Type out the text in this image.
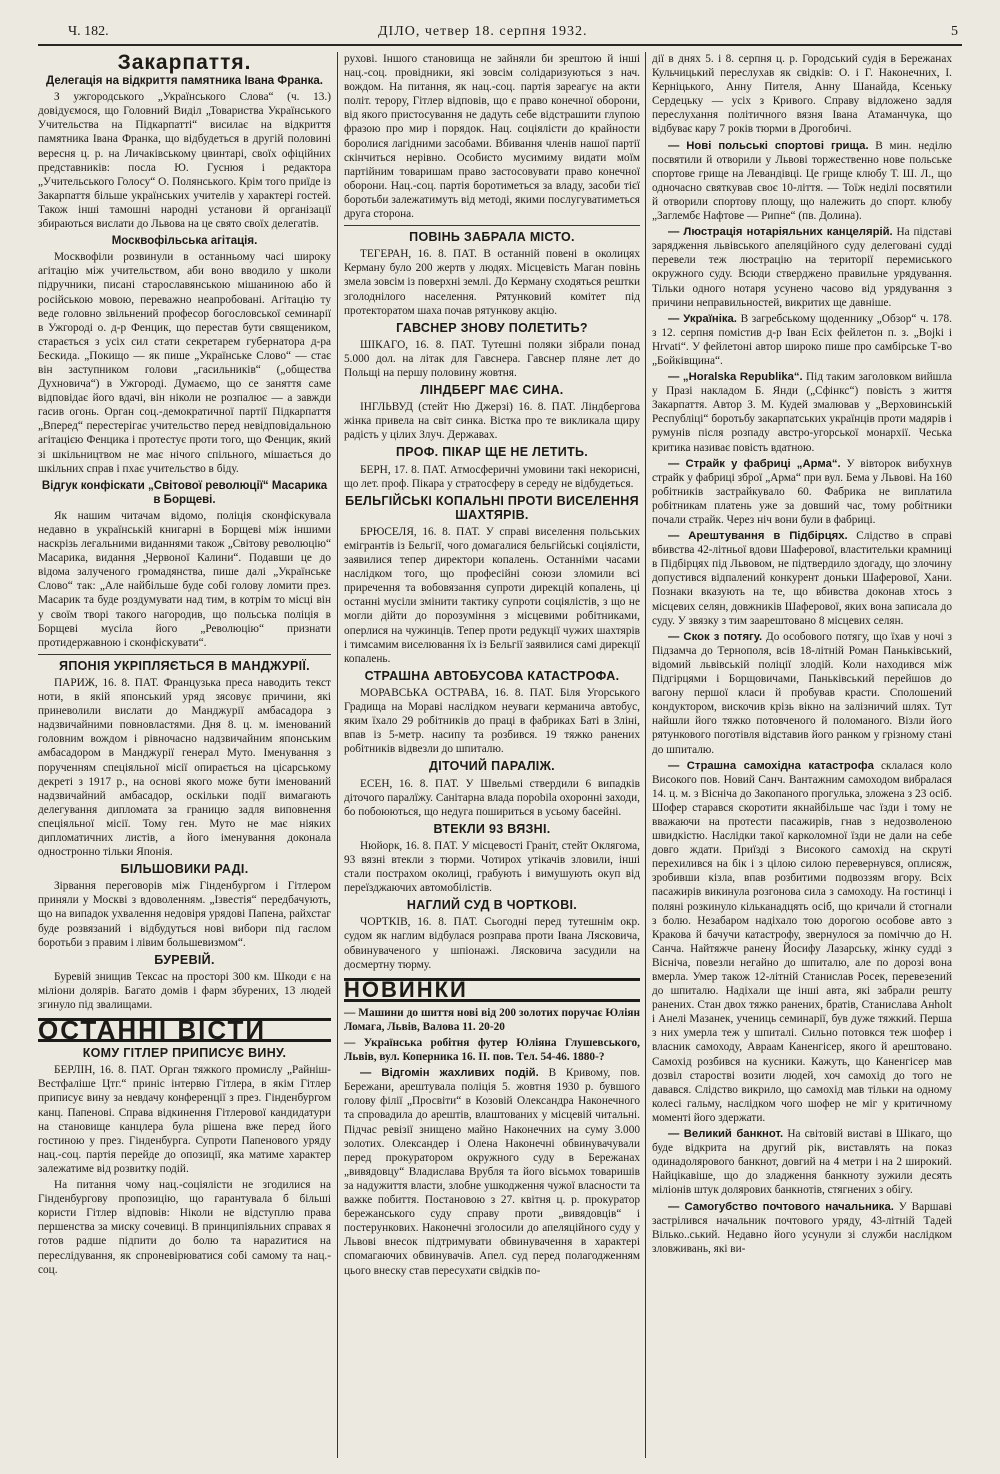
Ч. 182.	ДІЛО, четвер 18. серпня 1932.	5
Закарпаття.
Делегація на відкриття памятника Івана Франка.

З ужгородського „Українського Слова“ (ч. 13.) довідуємося, що Головний Виділ „Товариства Українського Учительства на Підкарпатті“ висилає на відкриття памятника Івана Франка, що відбудеться в другій половині вересня ц. р. на Личаківському цвинтарі, своїх офіційних представників: посла Ю. Гуснюя і редактора „Учительського Голосу“ О. Полянського. Крім того приїде із Закарпаття більше українських учителів у характері гостей. Також інші тамошні народні установи й організації збираються вислати до Львова на це свято своїх делегатів.

Москвофільська агітація.

Москвофіли розвинули в останньому часі широку агітацію між учительством, аби воно вводило у школи підручники, писані старославянською мішаниною або й російською мовою, переважно неапробовані. Агітацію ту веде головно звільнений професор богословської семинарії в Ужгороді о. д-р Фенцик, що перестав бути священиком, старається з усіх сил стати секретарем губернатора д-ра Бескида. „Покищо — як пише „Українське Слово“ — стає він заступником голови „гасильників“ („общества Духновича“) в Ужгороді. Думаємо, що се заняття саме відповідає його вдачі, він ніколи не розпалює — а завжди гасив огонь. Орган соц.-демократичної партії Підкарпаття „Вперед“ перестерігає учительство перед невідповідальною агітацією Фенцика і протестує проти того, що Фенцик, який зі шкільництвом не має нічого спільного, мішається до шкільних справ і пхає учительство в біду.

Відгук конфіскати „Світової революції“ Масарика в Борщеві.

Як нашим читачам відомо, поліція сконфіскувала недавно в українській книгарні в Борщеві між іншими наскрізь легальними виданнями також „Світову революцію“ Масарика, видання „Червоної Калини“. Подавши це до відома залученого громадянства, пише далі „Українське Слово“ так: „Але найбільше буде собі голову ломити през. Масарик та буде роздумувати над тим, в котрім то місці він у своїм творі такого нагородив, що польська поліція в Борщеві мусіла його „Революцію“ признати протидержавною і сконфіскувати“.

ЯПОНІЯ УКРІПЛЯЄТЬСЯ В МАНДЖУРІЇ.

ПАРИЖ, 16. 8. ПАТ. Французька преса наводить текст ноти, в якій японський уряд зясовує причини, які приневолили вислати до Манджурії амбасадора з надзвичайними повновластями. Дня 8. ц. м. іменований головним вождом і рівночасно надзвичайним японським амбасадором в Манджурії генерал Муто. Іменування з порученням спеціяльної місії опирається на цісарському декреті з 1917 р., на основі якого може бути іменований надзвичайний амбасадор, оскільки події вимагають делегування дипломата за границю задля виповнення спеціяльної місії. Тому ген. Муто не має ніяких дипломатичних листів, а його іменування доконала одностронно тільки Японія.

БІЛЬШОВИКИ РАДІ.

Зірвання переговорів між Гінденбургом і Гітлером приняли у Москві з вдоволенням. „Ізвестія“ передбачують, що на випадок ухвалення недовіря урядові Папена, райхстаг буде розвязаний і відбудуться нові вибори під гаслом боротьби з правим і лівим большевизмом“.

БУРЕВІЙ.

Буревій знищив Тексас на просторі 300 км. Шкоди є на міліони долярів. Багато домів і фарм збурених, 13 людей згинуло під звалищами.

ОСТАННІ ВІСТИ
КОМУ ГІТЛЕР ПРИПИСУЄ ВИНУ.

БЕРЛІН, 16. 8. ПАТ. Орган тяжкого промислу „Райніш-Вестфаліше Цтг.“ приніс інтервю Гітлера, в якім Гітлер приписує вину за невдачу конференції з през. Гінденбургом канц. Папенові. Справа відкинення Гітлерової кандидатури на становище канцлера була рішена вже перед його гостиною у през. Гінденбурга. Супроти Папенового уряду нац.-соц. партія перейде до опозиції, яка матиме характер залежатиме від розвитку подій.

На питання чому нац.-соціялісти не згодилися на Гінденбургову пропозицію, що гарантувала б більші користи Гітлер відповів: Ніколи не відступлю права першенства за миску сочевиці. В принципіяльних справах я готов радше підпити до болю та нарazитися на переслідування, як спроневірюватися собі самому та нац.-соц.

рухові. Іншого становища не зайняли би зрештою й інші нац.-соц. провідники, які зовсім солідаризуються з нач. вождом. На питання, як нац.-соц. партія зареагує на акти політ. терору, Гітлер відповів, що є право конечної оборони, від якого пристосування не дадуть себе відстрашити глупою фразою про мир і порядок. Нац. соціялісти до крайности боролися лагідними засобами. Вбивання членів нашої партії скінчиться нерівно. Особисто мусимиму видати моїм партійним товаришам право застосовувати право конечної оборони. Нац.-соц. партія боротиметься за владу, засоби тієї боротьби залежатимуть від методі, якими послугуватиметься друга сторона.

ПОВІНЬ ЗАБРАЛА МІСТО.

ТЕГЕРАН, 16. 8. ПАТ. В останній повені в околицях Керману було 200 жертв у людях. Місцевість Маган повінь змела зовсім із поверхні землі. До Керману сходяться рештки зголоднілого населення. Рятунковий комітет під протекторатом шаха почав рятункову акцію.

ГАВСНЕР ЗНОВУ ПОЛЕТИТЬ?

ШІКАГО, 16. 8. ПАТ. Тутешні поляки зібрали понад 5.000 дол. на літак для Гавснера. Гавснер пляне лет до Польщі на першу половину жовтня.

ЛІНДБЕРГ МАЄ СИНА.

ІНГЛЬВУД (стейт Ню Джерзі) 16. 8. ПАТ. Ліндбергова жінка привела на світ синка. Вістка про те викликала щиру радість у цілих Злуч. Державах.

ПРОФ. ПІКАР ЩЕ НЕ ЛЕТИТЬ.

БЕРН, 17. 8. ПАТ. Атмосферичні умовини такі некорисні, що лет. проф. Пікара у стратосферу в середу не відбудеться.

БЕЛЬГІЙСЬКІ КОПАЛЬНІ ПРОТИ ВИСЕЛЕННЯ ШАХТЯРІВ.

БРЮСЕЛЯ, 16. 8. ПАТ. У справі виселення польських емігрантів із Бельгії, чого домагалися бельгійські соціялісти, заявилися тепер директори копалень. Останніми часами наслідком того, що професійні союзи зломили всі приречення та вобовязання супроти дирекцій копалень, ці останні мусіли змінити тактику супроти соціялістів, з що не могли дійти до порозуміння з місцевими робітниками, оперлися на чужинців. Тепер проти редукції чужих шахтярів і тимсамим виселювання їх із Бельгії заявилися самі дирекції копалень.

СТРАШНА АВТОБУСОВА КАТАСТРОФА.

МОРАВСЬКА ОСТРАВА, 16. 8. ПАТ. Біля Угорського Градища на Мораві наслідком неуваги керманича автобус, яким їхало 29 робітників до праці в фабриках Баті в Зліні, впав із 5-метр. насипу та розбився. 19 тяжко ранених робітників відвезли до шпиталю.

ДІТОЧИЙ ПАРАЛІЖ.

ЕСЕН, 16. 8. ПАТ. У Швельмі ствердили 6 випадків діточого паралїжу. Санітарна влада порobila охоронні заходи, бо побоюються, що недуга пошириться в усьому басейні.

ВТЕКЛИ 93 ВЯЗНІ.

Нюйорк, 16. 8. ПАТ. У місцевості Граніт, стейт Оклягома, 93 вязні втекли з тюрми. Чотирох утікачів зловили, інші стали пострахом околиці, грабують і вимушують окуп від переїзджаючих автомобілістів.

НАГЛИЙ СУД В ЧОРТКОВІ.

ЧОРТКІВ, 16. 8. ПАТ. Сьогодні перед тутешнім окр. судом як наглим відбулася розправа проти Івана Лясковича, обвинуваченого у шпіонажі. Лясковича засудили на досмертну тюрму.

НОВИНКИ

— Машини до шиття нові від 200 золотих поручає Юліян Ломага, Львів, Валова 11. 20-20

— Українська робітня футер Юліяна Глушевського, Львів, вул. Коперника 16. II. пов. Тел. 54-46. 1880-?

— Відгомін жахливих подій. В Кривому, пов. Бережани, арештувала поліція 5. жовтня 1930 р. бувшого голову філії „Просвіти“ в Козовій Олександра Наконечного та спровадила до арештів, влаштованих у місцевій читальні. Підчас ревізії знищено майно Наконечних на суму 3.000 золотих. Олександер і Олена Наконечні обвинувачували перед прокуратором окружного суду в Бережанах „вивядовцу“ Владислава Врубля та його вісьмох товаришів за надужиття власти, злобне ушкодження чужої власности та важке побиття. Постановою з 27. квітня ц. р. прокуратор бережанського суду справу проти „вивядовців“ і постерункових. Наконечні зголосили до апеляційного суду у Львові внесок підтримувати обвинувачення в характері спомагаючих обвинувачів. Апел. суд перед полагодженням цього внеску став пересухати свідків по-

дії в днях 5. і 8. серпня ц. р. Городський судія в Бережанах Кульчицький переслухав як свідків: О. і Г. Наконечних, І. Керніцького, Анну Пителя, Анну Шанайда, Ксеньку Сердецьку — усіх з Кривого. Справу відложено задля переслухання політичного вязня Івана Атаманчука, що відбуває кару 7 років тюрми в Дрогобичі.

— Нові польські спортові грища. В мин. неділю посвятили й отворили у Львові торжественно нове польське спортове грище на Левандівці. Це грище клюбу Т. Ш. Л., що одночасно святкував своє 10-ліття. — Тоїж неділі посвятили й отворили спортову площу, що належить до спорт. клюбу „Заглембє Нафтове — Рипне“ (пв. Долина).

— Люстрація нотаріяльних канцелярій. На підставі зарядження львівського апеляційного суду делеговані судді перевели теж люстрацію на території перемиського окружного суду. Всюди стверджено правильне урядування. Тільки одного нотаря усунено часово від урядування з причини неправильностей, викритих ще давніше.

— Українікa. В загребському щоденнику „Обзор“ ч. 178. з 12. серпня помістив д-р Іван Есіх фейлетон п. з. „Bojki i Hrvati“. У фейлетоні автор широко пише про самбірське Т-во „Бойківщина“.

— „Horalska Republika“. Під таким заголовком вийшла у Празі накладом Б. Янди („Сфінкс“) повість з життя Закарпаття. Автор З. М. Кудей змалював у „Верховинській Республіці“ боротьбу закарпатських українців проти мадярів і румунів після розпаду австро-угорської монархії. Чеська критика називає повість вдатною.

— Страйк у фабриці „Арма“. У вівторок вибухнув страйк у фабриці зброї „Арма“ при вул. Бема у Львові. На 160 робітників застрайкувало 60. Фабрика не виплатила робітникам платень уже за довший час, тому робітники почали страйк. Через ніч вони були в фабриці.

— Арештування в Підбірцях. Слідство в справі вбивства 42-літньої вдови Шаферової, властительки крамниці в Підбірцях під Львовом, не підтвердило здогаду, що злочину допустився відпалений конкурент доньки Шаферової, Хани. Познаки вказують на те, що вбивства доконав хтось з місцевих селян, довжників Шаферової, яких вона записала до суду. У звязку з тим заарештовано 8 місцевих селян.

— Скок з потягу. До особового потягу, що їхав у ночі з Підзамча до Тернополя, всів 18-літній Роман Паньківський, відомий львівській поліції злодій. Коли находився між Підгірцями і Борщовичами, Паньківський перейшов до вагону першої класи й пробував красти. Сполошений кондуктором, вискочив крізь вікно на залізничий шлях. Тут найшли його тяжко потовченого й поломаного. Візли його рятункового поготівля відставив його ранком у грізному стані до шпиталю.

— Страшна самохідна катастрофа склалася коло Високого пов. Новий Санч. Вантажним самоходом вибралася 14. ц. м. з Вісніча до Закопаного прогулька, зложена з 23 осіб. Шофер старався скоротити якнайбільше час їзди і тому не вважаючи на протести пасажирів, гнав з недозволеною швидкістю. Наслідки такої карколомної їзди не дали на себе довго ждати. Приїзді з Високого самохід на скруті перехилився на бік і з цілою силою перевернувся, оплисяж, зробивши кізла, впав розбитими подвоззям вгору. Всіх пасажирів викинула розгонова сила з самоходу. На гостинці і поляні розкинуло кільканадцять осіб, що кричали й стогнали з болю. Незабаром надіхало тою дорогою особове авто з Кракова й бачучи катастрофу, звернулося за поміччю до Н. Санча. Найтяжче ранену Йосифу Лазарську, жінку судді з Вісніча, повезли негайно до шпиталю, але по дорозі вона вмерла. Умер також 12-літній Станислав Росек, перевезений до шпиталю. Надіхали ще інші авта, які забрали решту ранених. Стан двох тяжко ранених, братів, Станислава Анholt і Анелі Мазанек, учениць семинарії, був дуже тяжкий. Перша з них умерла теж у шпиталі. Сильно потовкся теж шофер і власник самоходу, Авраам Каненгісер, якого й арештовано. Самохід розбився на кусники. Кажуть, що Каненгісер мав дозвіл старостві возити людей, хоч самохід до того не давався. Слідство викрило, що самохід мав тільки на одному колесі гальму, наслідком чого шофер не міг у критичному моменті його здержати.

— Великий банкнот. На світовій виставі в Шікаго, що буде відкрита на другий рік, виставлять на показ одинадолярового банкнот, довгий на 4 метри і на 2 широкий. Найцікавіше, що до зладження банкноту зужили десять міліонів штук долярових банкнотів, стягнених з обігу.

— Самогубство почтового начальника. У Варшаві застрілився начальник почтового уряду, 43-літній Тадей Вілько..ський. Недавно його усунули зі служби наслідком зловживань, які ви-
